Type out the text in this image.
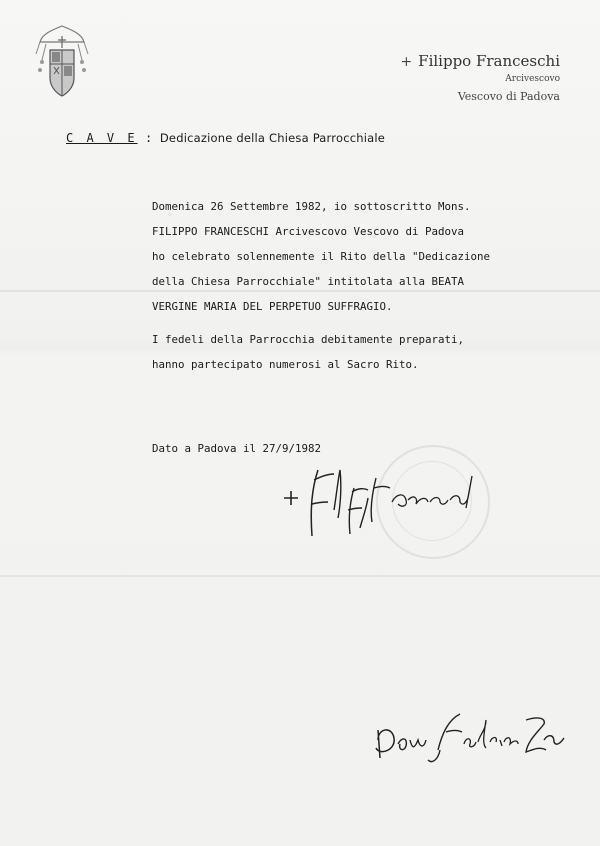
+ Filippo Franceschi
Arcivescovo
Vescovo di Padova
C A V E : Dedicazione della Chiesa Parrocchiale
Domenica 26 Settembre 1982, io sottoscritto Mons.
FILIPPO FRANCESCHI Arcivescovo Vescovo di Padova
ho celebrato solennemente il Rito della "Dedicazione
della Chiesa Parrocchiale" intitolata alla BEATA
VERGINE MARIA DEL PERPETUO SUFFRAGIO.
I fedeli della Parrocchia debitamente preparati,
hanno partecipato numerosi al Sacro Rito.
Dato a Padova il 27/9/1982
